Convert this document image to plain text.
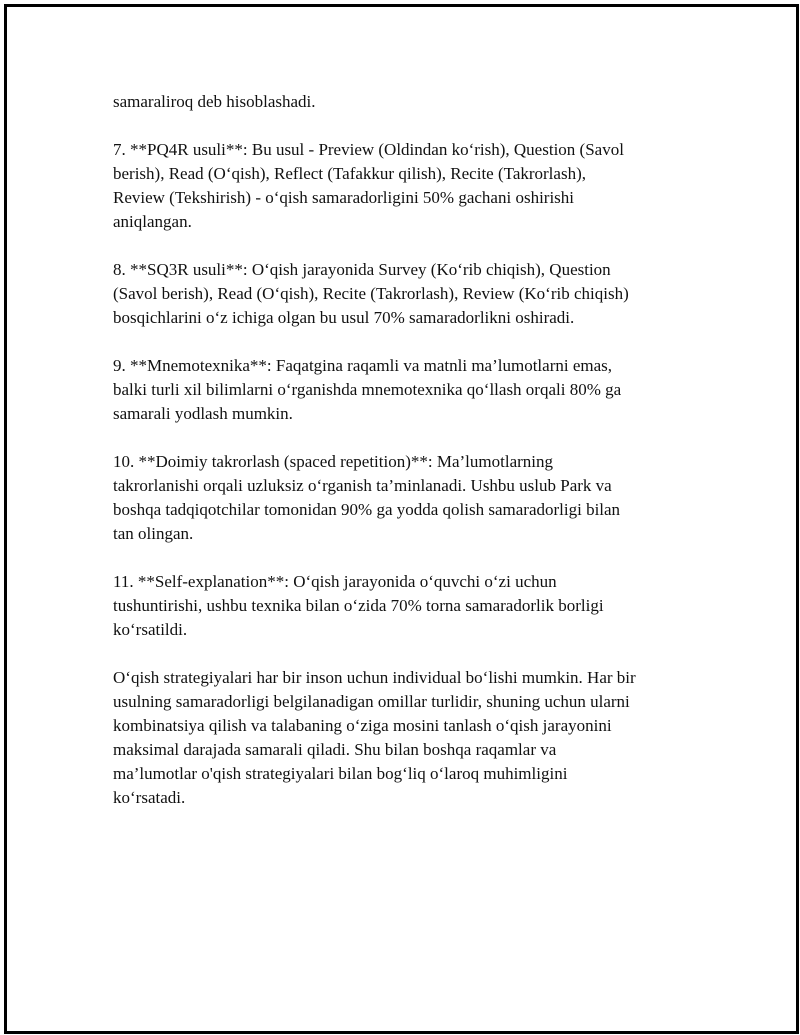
samaraliroq deb hisoblashadi.

7. **PQ4R usuli**: Bu usul - Preview (Oldindan ko‘rish), Question (Savol
berish), Read (O‘qish), Reflect (Tafakkur qilish), Recite (Takrorlash),
Review (Tekshirish) - o‘qish samaradorligini 50% gachani oshirishi
aniqlangan.

8. **SQ3R usuli**: O‘qish jarayonida Survey (Ko‘rib chiqish), Question
(Savol berish), Read (O‘qish), Recite (Takrorlash), Review (Ko‘rib chiqish)
bosqichlarini o‘z ichiga olgan bu usul 70% samaradorlikni oshiradi.

9. **Mnemotexnika**: Faqatgina raqamli va matnli ma’lumotlarni emas,
balki turli xil bilimlarni o‘rganishda mnemotexnika qo‘llash orqali 80% ga
samarali yodlash mumkin.

10. **Doimiy takrorlash (spaced repetition)**: Ma’lumotlarning
takrorlanishi orqali uzluksiz o‘rganish ta’minlanadi. Ushbu uslub Park va
boshqa tadqiqotchilar tomonidan 90% ga yodda qolish samaradorligi bilan
tan olingan.

11. **Self-explanation**: O‘qish jarayonida o‘quvchi o‘zi uchun
tushuntirishi, ushbu texnika bilan o‘zida 70% torna samaradorlik borligi
ko‘rsatildi.

O‘qish strategiyalari har bir inson uchun individual bo‘lishi mumkin. Har bir
usulning samaradorligi belgilanadigan omillar turlidir, shuning uchun ularni
kombinatsiya qilish va talabaning o‘ziga mosini tanlash o‘qish jarayonini
maksimal darajada samarali qiladi. Shu bilan boshqa raqamlar va
ma’lumotlar o'qish strategiyalari bilan bog‘liq o‘laroq muhimligini
ko‘rsatadi.
